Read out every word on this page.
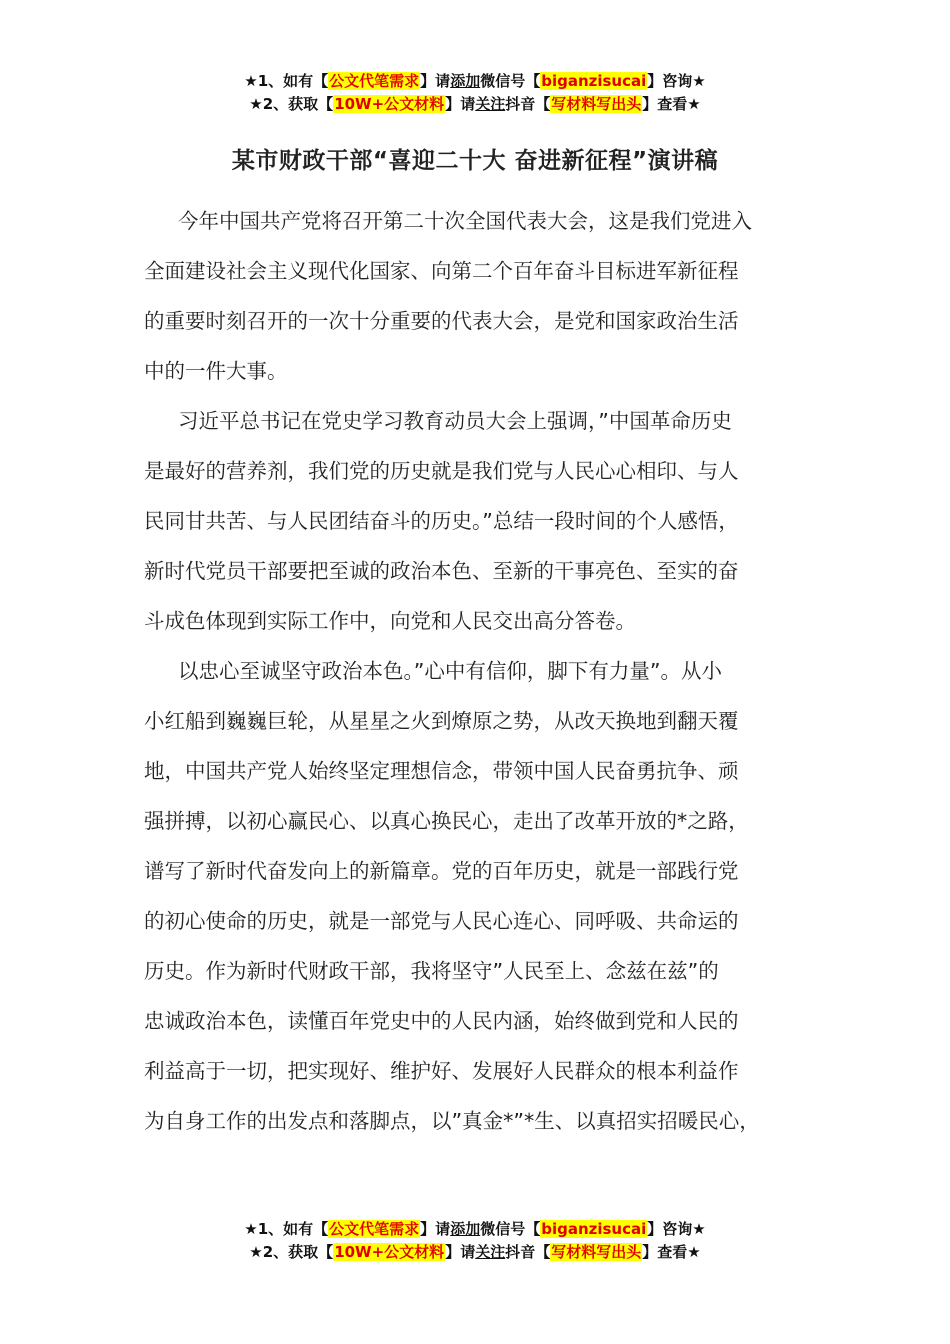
★1、如有【公文代笔需求】请添加微信号【biganzisucai】咨询★
★2、获取【10W+公文材料】请关注抖音【写材料写出头】查看★
某市财政干部“喜迎二十大 奋进新征程”演讲稿
今年中国共产党将召开第二十次全国代表大会，这是我们党进入
全面建设社会主义现代化国家、向第二个百年奋斗目标进军新征程
的重要时刻召开的一次十分重要的代表大会，是党和国家政治生活
中的一件大事。
习近平总书记在党史学习教育动员大会上强调，”中国革命历史
是最好的营养剂，我们党的历史就是我们党与人民心心相印、与人
民同甘共苦、与人民团结奋斗的历史。”总结一段时间的个人感悟，
新时代党员干部要把至诚的政治本色、至新的干事亮色、至实的奋
斗成色体现到实际工作中，向党和人民交出高分答卷。
以忠心至诚坚守政治本色。”心中有信仰，脚下有力量”。从小
小红船到巍巍巨轮，从星星之火到燎原之势，从改天换地到翻天覆
地，中国共产党人始终坚定理想信念，带领中国人民奋勇抗争、顽
强拼搏，以初心赢民心、以真心换民心，走出了改革开放的*之路，
谱写了新时代奋发向上的新篇章。党的百年历史，就是一部践行党
的初心使命的历史，就是一部党与人民心连心、同呼吸、共命运的
历史。作为新时代财政干部，我将坚守”人民至上、念兹在兹”的
忠诚政治本色，读懂百年党史中的人民内涵，始终做到党和人民的
利益高于一切，把实现好、维护好、发展好人民群众的根本利益作
为自身工作的出发点和落脚点，以”真金*”*生、以真招实招暖民心，
★1、如有【公文代笔需求】请添加微信号【biganzisucai】咨询★
★2、获取【10W+公文材料】请关注抖音【写材料写出头】查看★
